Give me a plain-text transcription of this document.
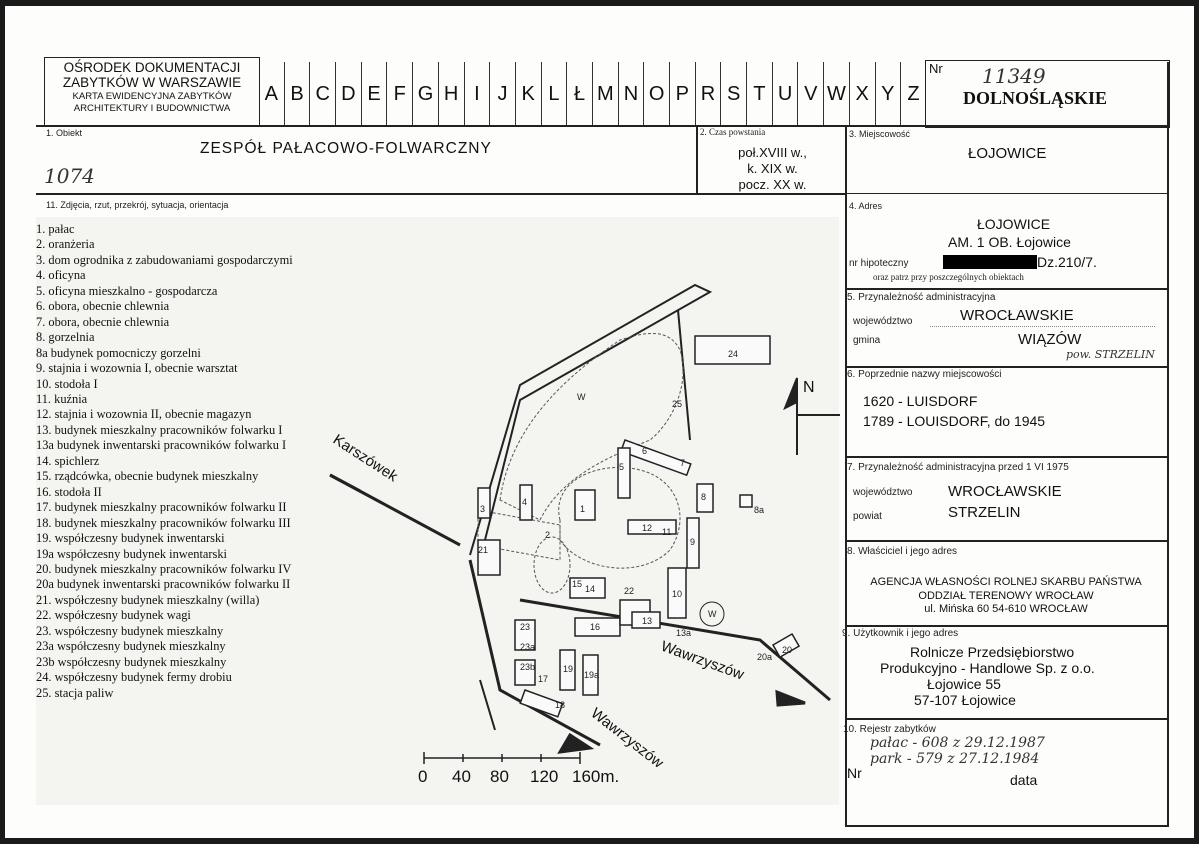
OŚRODEK DOKUMENTACJI
ZABYTKÓW W WARSZAWIE
KARTA EWIDENCYJNA ZABYTKÓW
ARCHITEKTURY I BUDOWNICTWA
A B C D E F G H I J K L Ł M N O P R S T U V W X Y Z
Nr 11349
DOLNOŚLĄSKIE
1. Obiekt
ZESPÓŁ PAŁACOWO-FOLWARCZNY
1074
2. Czas powstania
poł.XVIII w.,
k. XIX w.
pocz. XX w.
3. Miejscowość
ŁOJOWICE
11. Zdjęcia, rzut, przekrój, sytuacja, orientacja	4. Adres
ŁOJOWICE
AM. 1 OB. Łojowice
nr hipoteczny	Dz.210/7.
oraz patrz przy poszczególnych obiektach
5. Przynależność administracyjna
województwo	WROCŁAWSKIE
gmina	WIĄZÓW
pow. STRZELIN
6. Poprzednie nazwy miejscowości
1620 - LUISDORF
1789 - LOUISDORF, do 1945
7. Przynależność administracyjna przed 1 VI 1975
województwo WROCŁAWSKIE
powiat	STRZELIN
8. Właściciel i jego adres
AGENCJA WŁASNOŚCI ROLNEJ SKARBU PAŃSTWA
ODDZIAŁ TERENOWY WROCŁAW
ul. Mińska 60 54-610 WROCŁAW
9. Użytkownik i jego adres
Rolnicze Przedsiębiorstwo
Produkcyjno - Handlowe Sp. z o.o.
Łojowice 55
57-107 Łojowice
10. Rejestr zabytków
pałac - 608 z 29.12.1987
park - 579 z 27.12.1984
Nr	data
1
2
3
4
5
6
7
8
8a
9
10
11
12
13
13a
14
15
16
17
18
19
19a
20
20a
21
22
23
23a
23b
24
25
W
W
Karszówek
Wawrzyszów
Wawrzyszów
N
0 40 80 120 160m.
1. pałac
2. oranżeria
3. dom ogrodnika z zabudowaniami gospodarczymi
4. oficyna
5. oficyna mieszkalno - gospodarcza
6. obora, obecnie chlewnia
7. obora, obecnie chlewnia
8. gorzelnia
8a budynek pomocniczy gorzelni
9. stajnia i wozownia I, obecnie warsztat
10. stodoła I
11. kuźnia
12. stajnia i wozownia II, obecnie magazyn
13. budynek mieszkalny pracowników folwarku I
13a budynek inwentarski pracowników folwarku I
14. spichlerz
15. rządcówka, obecnie budynek mieszkalny
16. stodoła II
17. budynek mieszkalny pracowników folwarku II
18. budynek mieszkalny pracowników folwarku III
19. współczesny budynek inwentarski
19a współczesny budynek inwentarski
20. budynek mieszkalny pracowników folwarku IV
20a budynek inwentarski pracowników folwarku II
21. współczesny budynek mieszkalny (willa)
22. współczesny budynek wagi
23. współczesny budynek mieszkalny
23a współczesny budynek mieszkalny
23b współczesny budynek mieszkalny
24. współczesny budynek fermy drobiu
25. stacja paliw
